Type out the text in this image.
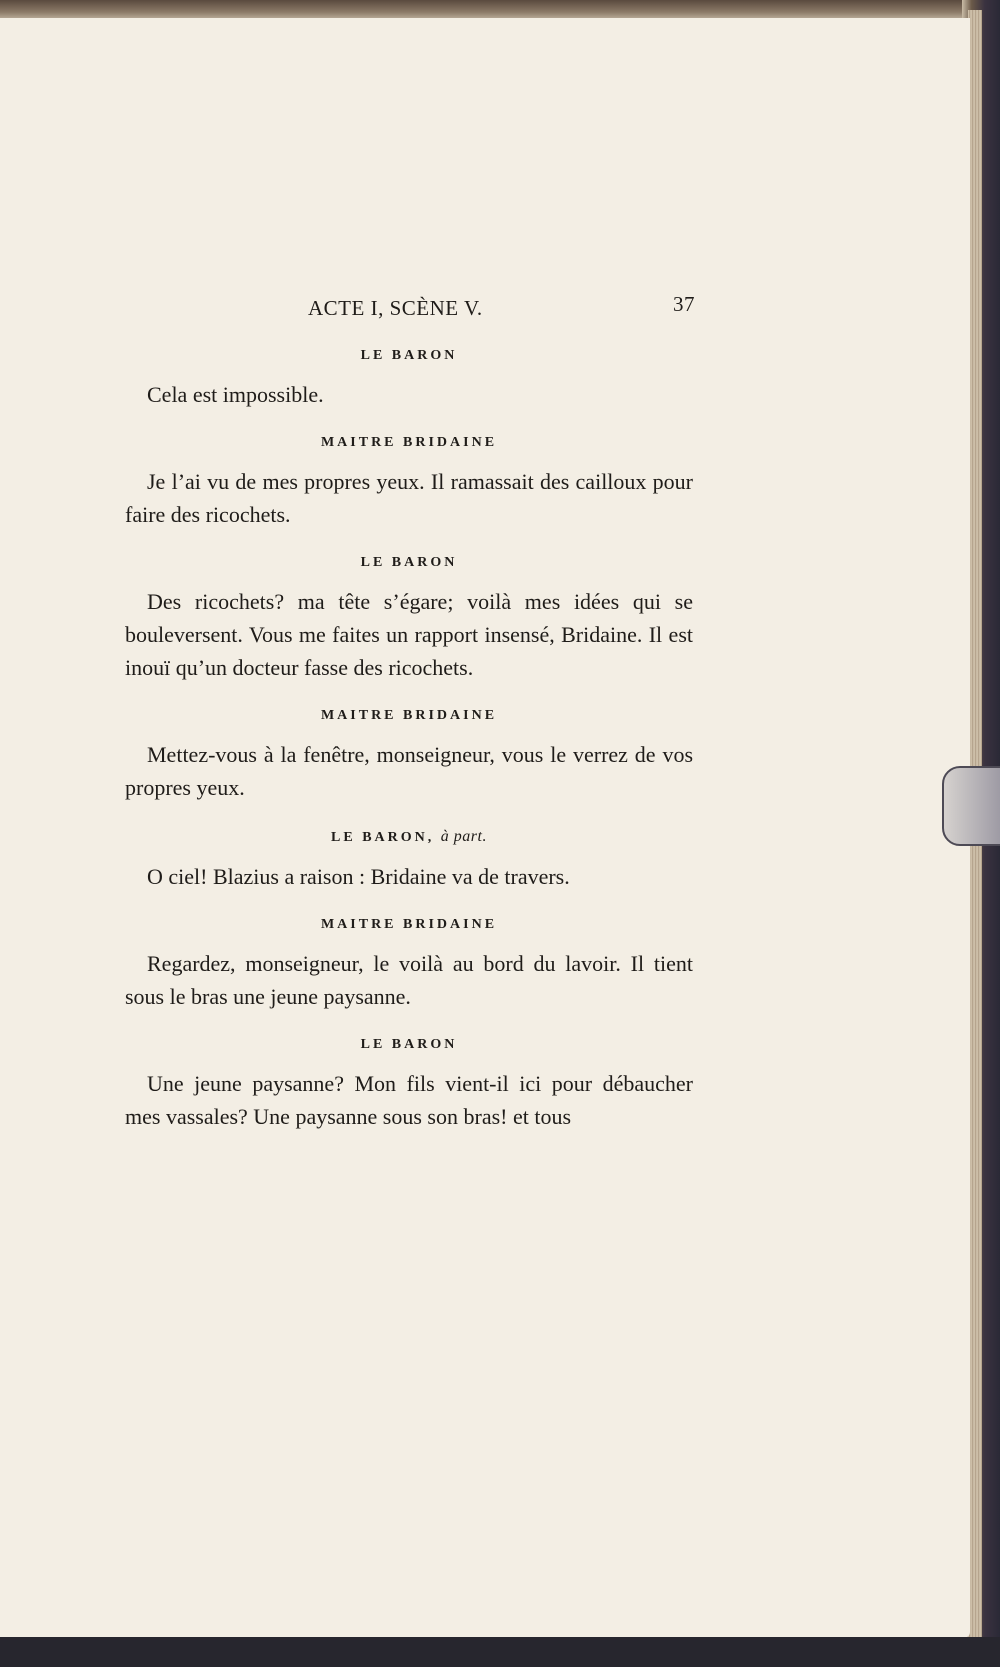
ACTE I, SCÈNE V.	37
LE BARON

Cela est impossible.

MAITRE BRIDAINE

Je l’ai vu de mes propres yeux. Il ramassait des cailloux pour faire des ricochets.

LE BARON

Des ricochets? ma tête s’égare; voilà mes idées qui se bouleversent. Vous me faites un rapport insensé, Bridaine. Il est inouï qu’un docteur fasse des ricochets.

MAITRE BRIDAINE

Mettez-vous à la fenêtre, monseigneur, vous le verrez de vos propres yeux.

LE BARON, à part.

O ciel! Blazius a raison : Bridaine va de travers.

MAITRE BRIDAINE

Regardez, monseigneur, le voilà au bord du lavoir. Il tient sous le bras une jeune paysanne.

LE BARON

Une jeune paysanne? Mon fils vient-il ici pour débaucher mes vassales? Une paysanne sous son bras! et tous
